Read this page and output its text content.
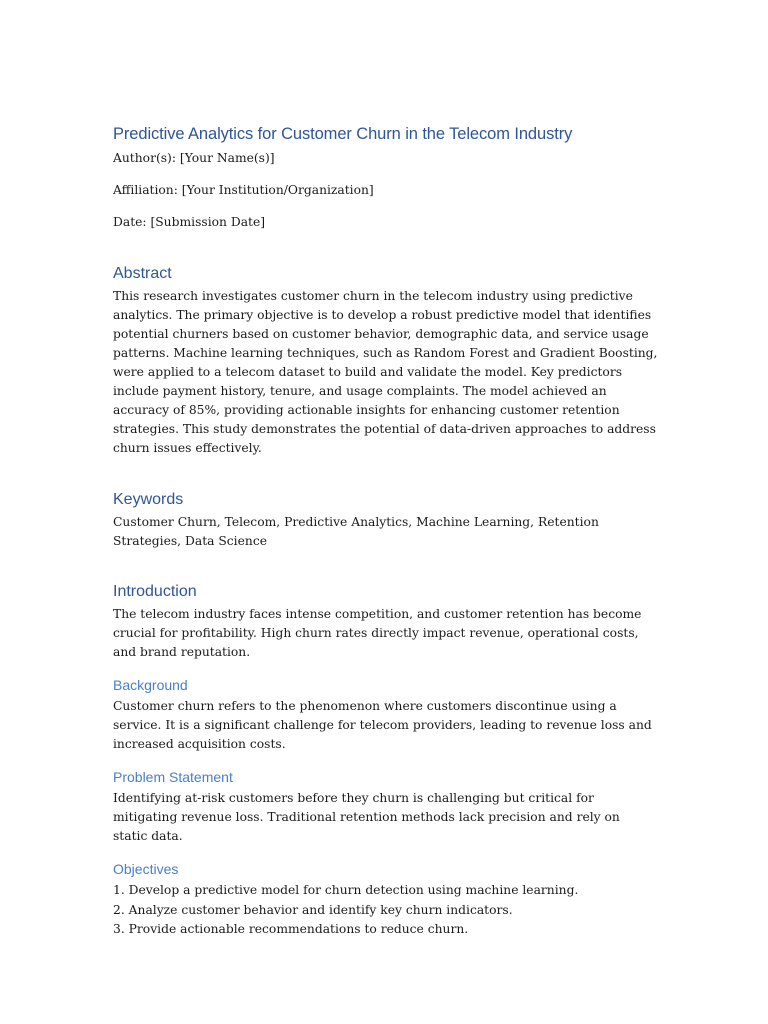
Predictive Analytics for Customer Churn in the Telecom Industry

Author(s): [Your Name(s)]

Affiliation: [Your Institution/Organization]

Date: [Submission Date]

Abstract

This research investigates customer churn in the telecom industry using predictive analytics. The primary objective is to develop a robust predictive model that identifies potential churners based on customer behavior, demographic data, and service usage patterns. Machine learning techniques, such as Random Forest and Gradient Boosting, were applied to a telecom dataset to build and validate the model. Key predictors include payment history, tenure, and usage complaints. The model achieved an accuracy of 85%, providing actionable insights for enhancing customer retention strategies. This study demonstrates the potential of data-driven approaches to address churn issues effectively.

Keywords

Customer Churn, Telecom, Predictive Analytics, Machine Learning, Retention Strategies, Data Science

Introduction

The telecom industry faces intense competition, and customer retention has become crucial for profitability. High churn rates directly impact revenue, operational costs, and brand reputation.

Background

Customer churn refers to the phenomenon where customers discontinue using a service. It is a significant challenge for telecom providers, leading to revenue loss and increased acquisition costs.

Problem Statement

Identifying at-risk customers before they churn is challenging but critical for mitigating revenue loss. Traditional retention methods lack precision and rely on static data.

Objectives

1. Develop a predictive model for churn detection using machine learning.

2. Analyze customer behavior and identify key churn indicators.

3. Provide actionable recommendations to reduce churn.
